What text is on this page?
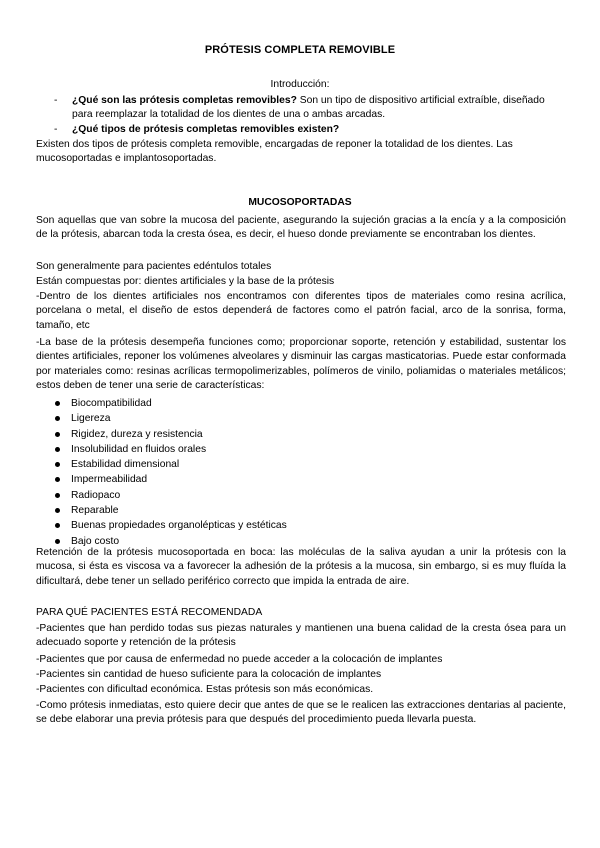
PRÓTESIS COMPLETA REMOVIBLE
Introducción:
- ¿Qué son las prótesis completas removibles? Son un tipo de dispositivo artificial extraíble, diseñado para reemplazar la totalidad de los dientes de una o ambas arcadas.
- ¿Qué tipos de prótesis completas removibles existen?
Existen dos tipos de prótesis completa removible, encargadas de reponer la totalidad de los dientes. Las mucosoportadas e implantosoportadas.
MUCOSOPORTADAS
Son aquellas que van sobre la mucosa del paciente, asegurando la sujeción gracias a la encía y a la composición de la prótesis, abarcan toda la cresta ósea, es decir, el hueso donde previamente se encontraban los dientes.
Son generalmente para pacientes edéntulos totales
Están compuestas por: dientes artificiales y la base de la prótesis
-Dentro de los dientes artificiales nos encontramos con diferentes tipos de materiales como resina acrílica, porcelana o metal, el diseño de estos dependerá de factores como el patrón facial, arco de la sonrisa, forma, tamaño, etc
-La base de la prótesis desempeña funciones como; proporcionar soporte, retención y estabilidad, sustentar los dientes artificiales, reponer los volúmenes alveolares y disminuir las cargas masticatorias. Puede estar conformada por materiales como: resinas acrílicas termopolimerizables, polímeros de vinilo, poliamidas o materiales metálicos; estos deben de tener una serie de características:
Biocompatibilidad
Ligereza
Rigidez, dureza y resistencia
Insolubilidad en fluidos orales
Estabilidad dimensional
Impermeabilidad
Radiopaco
Reparable
Buenas propiedades organolépticas y estéticas
Bajo costo
Retención de la prótesis mucosoportada en boca: las moléculas de la saliva ayudan a unir la prótesis con la mucosa, si ésta es viscosa va a favorecer la adhesión de la prótesis a la mucosa, sin embargo, si es muy fluída la dificultará, debe tener un sellado periférico correcto que impida la entrada de aire.
PARA QUÉ PACIENTES ESTÁ RECOMENDADA
-Pacientes que han perdido todas sus piezas naturales y mantienen una buena calidad de la cresta ósea para un adecuado soporte y retención de la prótesis
-Pacientes que por causa de enfermedad no puede acceder a la colocación de implantes
-Pacientes sin cantidad de hueso suficiente para la colocación de implantes
-Pacientes con dificultad económica. Estas prótesis son más económicas.
-Como prótesis inmediatas, esto quiere decir que antes de que se le realicen las extracciones dentarias al paciente, se debe elaborar una previa prótesis para que después del procedimiento pueda llevarla puesta.
